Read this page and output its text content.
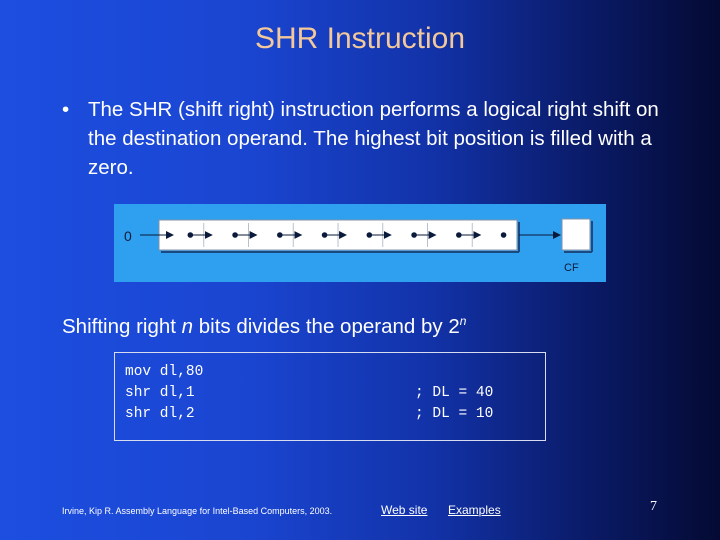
SHR Instruction
• The SHR (shift right) instruction performs a logical right shift on the destination operand. The highest bit position is filled with a zero.
0
CF
Shifting right n bits divides the operand by 2$^n$
mov dl,80
shr dl,1	; DL = 40
shr dl,2	; DL = 10
Irvine, Kip R. Assembly Language for Intel-Based Computers, 2003.	Web site Examples	7
